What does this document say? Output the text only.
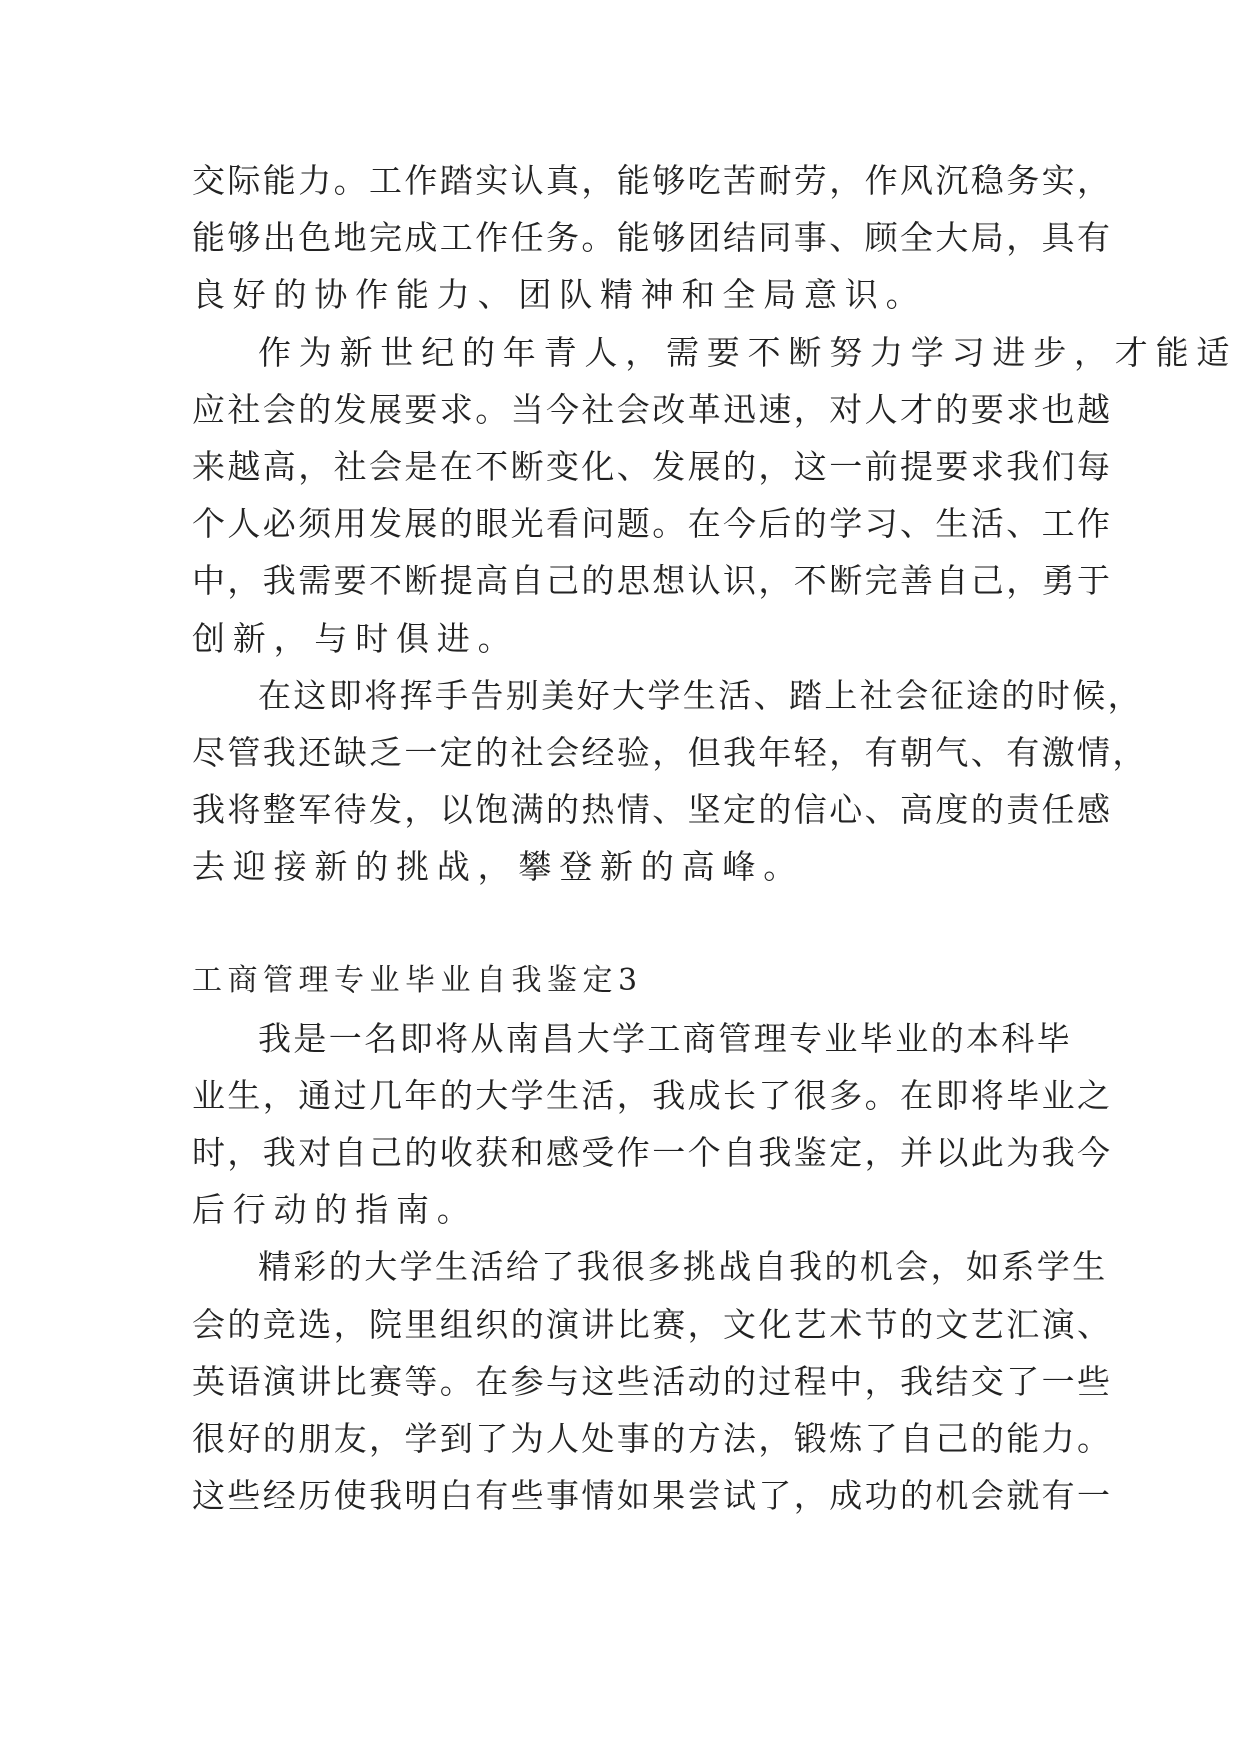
交际能力。工作踏实认真，能够吃苦耐劳，作风沉稳务实，
能够出色地完成工作任务。能够团结同事、顾全大局，具有
良好的协作能力、团队精神和全局意识。
作为新世纪的年青人，需要不断努力学习进步，才能适
应社会的发展要求。当今社会改革迅速，对人才的要求也越
来越高，社会是在不断变化、发展的，这一前提要求我们每
个人必须用发展的眼光看问题。在今后的学习、生活、工作
中，我需要不断提高自己的思想认识，不断完善自己，勇于
创新，与时俱进。
在这即将挥手告别美好大学生活、踏上社会征途的时候，
尽管我还缺乏一定的社会经验，但我年轻，有朝气、有激情，
我将整军待发，以饱满的热情、坚定的信心、高度的责任感
去迎接新的挑战，攀登新的高峰。
工商管理专业毕业自我鉴定3
我是一名即将从南昌大学工商管理专业毕业的本科毕
业生，通过几年的大学生活，我成长了很多。在即将毕业之
时，我对自己的收获和感受作一个自我鉴定，并以此为我今
后行动的指南。
精彩的大学生活给了我很多挑战自我的机会，如系学生
会的竞选，院里组织的演讲比赛，文化艺术节的文艺汇演、
英语演讲比赛等。在参与这些活动的过程中，我结交了一些
很好的朋友，学到了为人处事的方法，锻炼了自己的能力。
这些经历使我明白有些事情如果尝试了，成功的机会就有一
